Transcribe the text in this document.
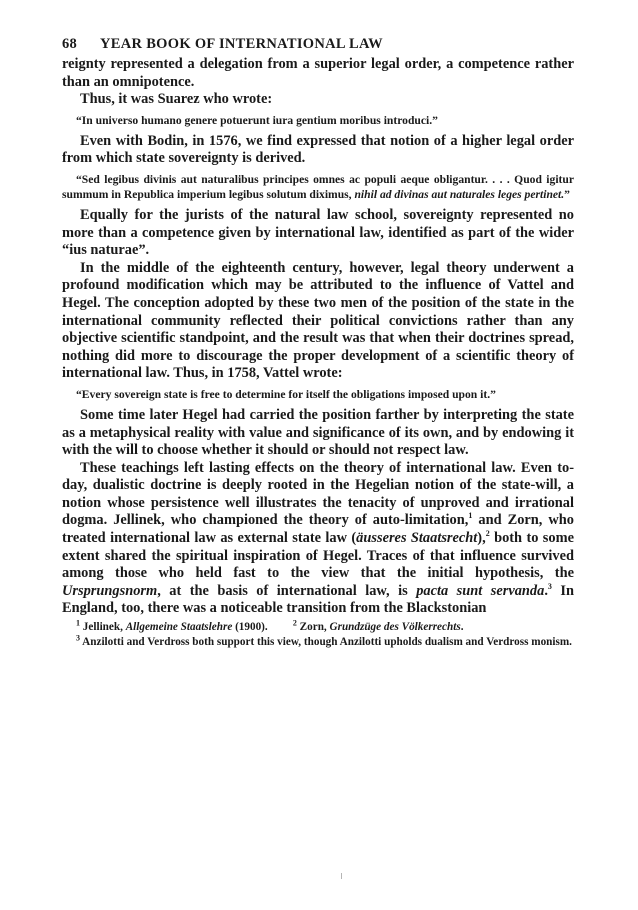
68 YEAR BOOK OF INTERNATIONAL LAW

reignty represented a delegation from a superior legal order, a competence rather than an omnipotence.

Thus, it was Suarez who wrote:

“In universo humano genere potuerunt iura gentium moribus introduci.”

Even with Bodin, in 1576, we find expressed that notion of a higher legal order from which state sovereignty is derived.

“Sed legibus divinis aut naturalibus principes omnes ac populi aeque obligantur. . . . Quod igitur summum in Republica imperium legibus solutum diximus, nihil ad divinas aut naturales leges pertinet.”

Equally for the jurists of the natural law school, sovereignty represented no more than a competence given by international law, identified as part of the wider “ius naturae”.

In the middle of the eighteenth century, however, legal theory underwent a profound modification which may be attributed to the influence of Vattel and Hegel. The conception adopted by these two men of the position of the state in the international community reflected their political convictions rather than any objective scientific standpoint, and the result was that when their doctrines spread, nothing did more to discourage the proper development of a scientific theory of international law. Thus, in 1758, Vattel wrote:

“Every sovereign state is free to determine for itself the obligations imposed upon it.”

Some time later Hegel had carried the position farther by interpreting the state as a metaphysical reality with value and significance of its own, and by endowing it with the will to choose whether it should or should not respect law.

These teachings left lasting effects on the theory of international law. Even to-day, dualistic doctrine is deeply rooted in the Hegelian notion of the state-will, a notion whose persistence well illustrates the tenacity of unproved and irrational dogma. Jellinek, who championed the theory of auto-limitation,$^1$ and Zorn, who treated international law as external state law (äusseres Staatsrecht),$^2$ both to some extent shared the spiritual inspiration of Hegel. Traces of that influence survived among those who held fast to the view that the initial hypothesis, the Ursprungsnorm, at the basis of international law, is pacta sunt servanda.$^3$ In England, too, there was a noticeable transition from the Blackstonian

$^1$ Jellinek, Allgemeine Staatslehre (1900).  	$^2$ Zorn, Grundzüge des Völkerrechts.

$^3$ Anzilotti and Verdross both support this view, though Anzilotti upholds dualism and Verdross monism.
